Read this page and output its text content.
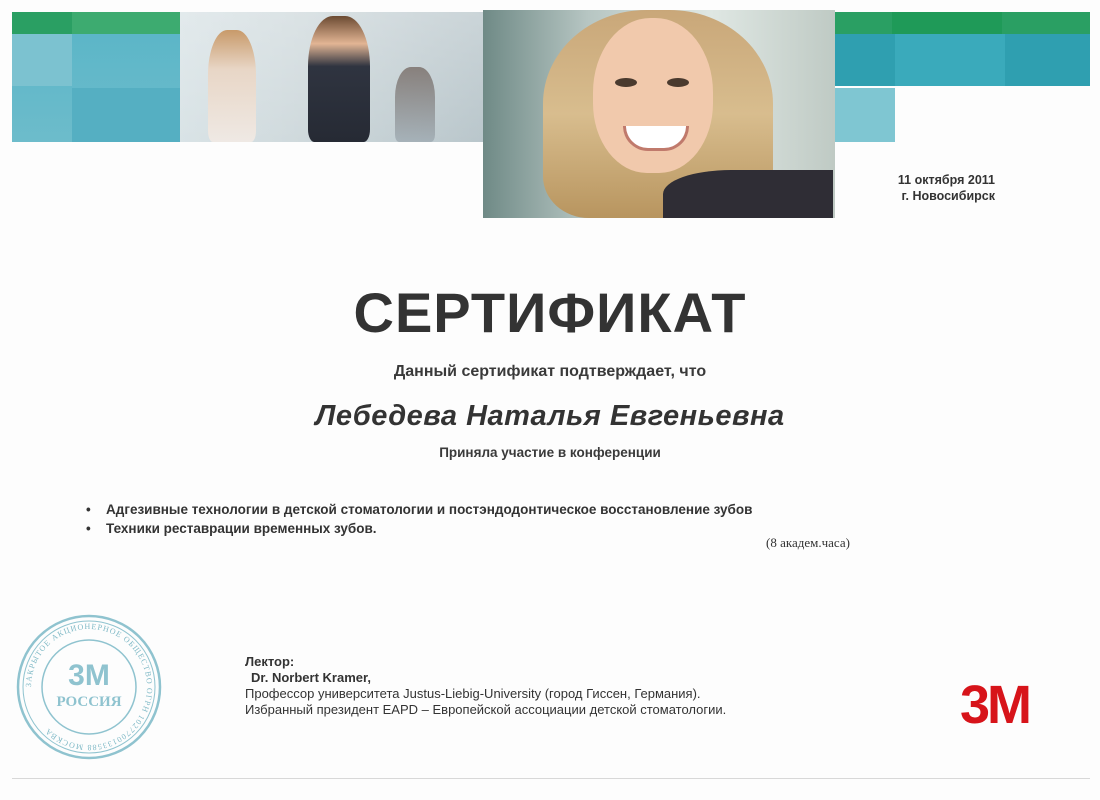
11 октября 2011
г. Новосибирск
СЕРТИФИКАТ
Данный сертификат подтверждает, что
Лебедева Наталья Евгеньевна
Приняла участие в конференции
• Адгезивные технологии в детской стоматологии и постэндодонтическое восстановление зубов
• Техники реставрации временных зубов.
(8 академ.часа)
Лектор:
Dr. Norbert Kramer,
Профессор университета Justus-Liebig-University (город Гиссен, Германия).
Избранный президент EAPD – Европейской ассоциации детской стоматологии.
ЗАКРЫТОЕ АКЦИОНЕРНОЕ ОБЩЕСТВО ОГРН 1027700133588 МОСКВА
3М
РОССИЯ	3M
